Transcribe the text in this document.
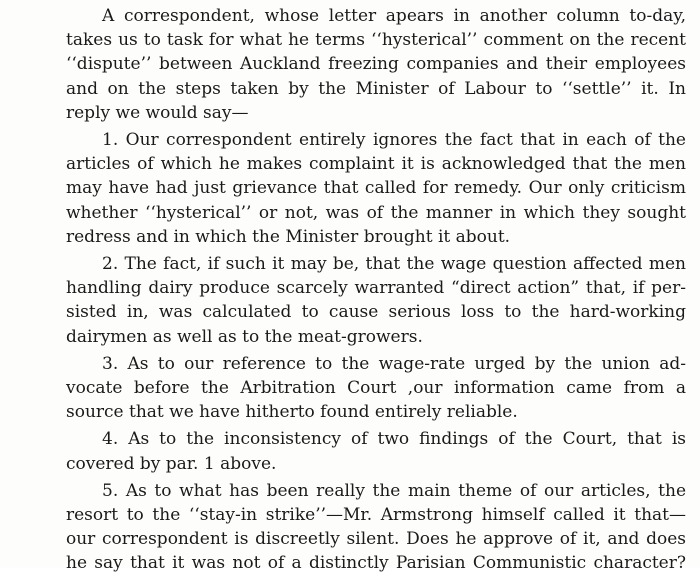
A correspondent, whose letter apears in another column to-day,
takes us to task for what he terms ‘‘hysterical’’ comment on the recent
‘‘dispute’’ between Auckland freezing companies and their employees
and on the steps taken by the Minister of Labour to ‘‘settle’’ it. In
reply we would say—
1. Our correspondent entirely ignores the fact that in each of the
articles of which he makes complaint it is acknowledged that the men
may have had just grievance that called for remedy. Our only criticism
whether ‘‘hysterical’’ or not, was of the manner in which they sought
redress and in which the Minister brought it about.
2. The fact, if such it may be, that the wage question affected men
handling dairy produce scarcely warranted “direct action” that, if per-
sisted in, was calculated to cause serious loss to the hard-working
dairymen as well as to the meat-growers.
3. As to our reference to the wage-rate urged by the union ad-
vocate before the Arbitration Court ,our information came from a
source that we have hitherto found entirely reliable.
4. As to the inconsistency of two findings of the Court, that is
covered by par. 1 above.
5. As to what has been really the main theme of our articles, the
resort to the ‘‘stay-in strike’’—Mr. Armstrong himself called it that—
our correspondent is discreetly silent. Does he approve of it, and does
he say that it was not of a distinctly Parisian Communistic character?
